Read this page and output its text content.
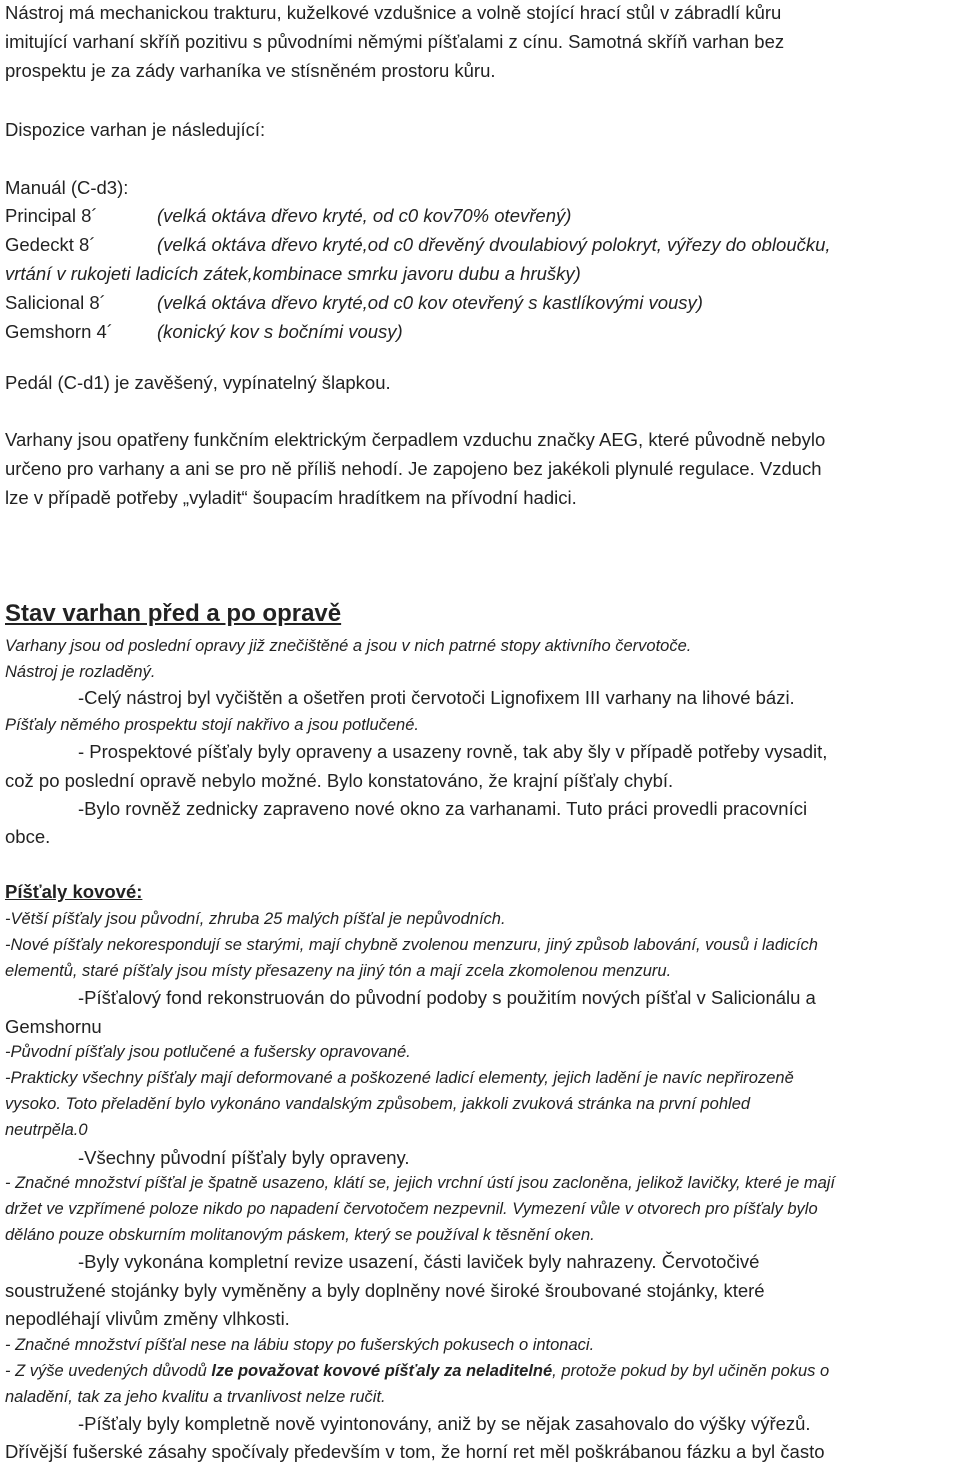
Nástroj má mechanickou trakturu, kuželkové vzdušnice a volně stojící hrací stůl v zábradlí kůru

imitující varhaní skříň pozitivu s původními němými píšťalami z cínu. Samotná skříň varhan bez

prospektu je za zády varhaníka ve stísněném prostoru kůru.

Dispozice varhan je následující:

Manuál (C-d3):

Principal 8´	(velká oktáva dřevo kryté, od c0 kov70% otevřený)
Gedeckt 8´	(velká oktáva dřevo kryté,od c0 dřevěný dvoulabiový polokryt, výřezy do obloučku,

vrtání v rukojeti ladicích zátek,kombinace smrku javoru dubu a hrušky)

Salicional 8´	(velká oktáva dřevo kryté,od c0 kov otevřený s kastlíkovými vousy)
Gemshorn 4´ (konický kov s bočními vousy)

Pedál (C-d1) je zavěšený, vypínatelný šlapkou.

Varhany jsou opatřeny funkčním elektrickým čerpadlem vzduchu značky AEG, které původně nebylo

určeno pro varhany a ani se pro ně příliš nehodí. Je zapojeno bez jakékoli plynulé regulace. Vzduch

lze v případě potřeby „vyladit“ šoupacím hradítkem na přívodní hadici.

Stav varhan před a po opravě

Varhany jsou od poslední opravy již znečištěné a jsou v nich patrné stopy aktivního červotoče.

Nástroj je rozladěný.

-Celý nástroj byl vyčištěn a ošetřen proti červotoči Lignofixem III varhany na lihové bázi.

Píšťaly němého prospektu stojí nakřivo a jsou potlučené.

- Prospektové píšťaly byly opraveny a usazeny rovně, tak aby šly v případě potřeby vysadit,

což po poslední opravě nebylo možné. Bylo konstatováno, že krajní píšťaly chybí.

-Bylo rovněž zednicky zapraveno nové okno za varhanami. Tuto práci provedli pracovníci

obce.

Píšťaly kovové:

-Větší píšťaly jsou původní, zhruba 25 malých píšťal je nepůvodních.

-Nové píšťaly nekorespondují se starými, mají chybně zvolenou menzuru, jiný způsob labování, vousů i ladicích

elementů, staré píšťaly jsou místy přesazeny na jiný tón a mají zcela zkomolenou menzuru.

-Píšťalový fond rekonstruován do původní podoby s použitím nových píšťal v Salicionálu a

Gemshornu

-Původní píšťaly jsou potlučené a fušersky opravované.

-Prakticky všechny píšťaly mají deformované a poškozené ladicí elementy, jejich ladění je navíc nepřirozeně

vysoko. Toto přeladění bylo vykonáno vandalským způsobem, jakkoli zvuková stránka na první pohled

neutrpěla.0

-Všechny původní píšťaly byly opraveny.

- Značné množství píšťal je špatně usazeno, klátí se, jejich vrchní ústí jsou zacloněna, jelikož lavičky, které je mají

držet ve vzpřímené poloze nikdo po napadení červotočem nezpevnil. Vymezení vůle v otvorech pro píšťaly bylo

děláno pouze obskurním molitanovým páskem, který se používal k těsnění oken.

-Byly vykonána kompletní revize usazení, části laviček byly nahrazeny. Červotočivé

soustružené stojánky byly vyměněny a byly doplněny nové široké šroubované stojánky, které

nepodléhají vlivům změny vlhkosti.

- Značné množství píšťal nese na lábiu stopy po fušerských pokusech o intonaci.

- Z výše uvedených důvodů lze považovat kovové píšťaly za neladitelné, protože pokud by byl učiněn pokus o

naladění, tak za jeho kvalitu a trvanlivost nelze ručit.

-Píšťaly byly kompletně nově vyintonovány, aniž by se nějak zasahovalo do výšky výřezů.

Dřívější fušerské zásahy spočívaly především v tom, že horní ret měl poškrábanou fázku a byl často
